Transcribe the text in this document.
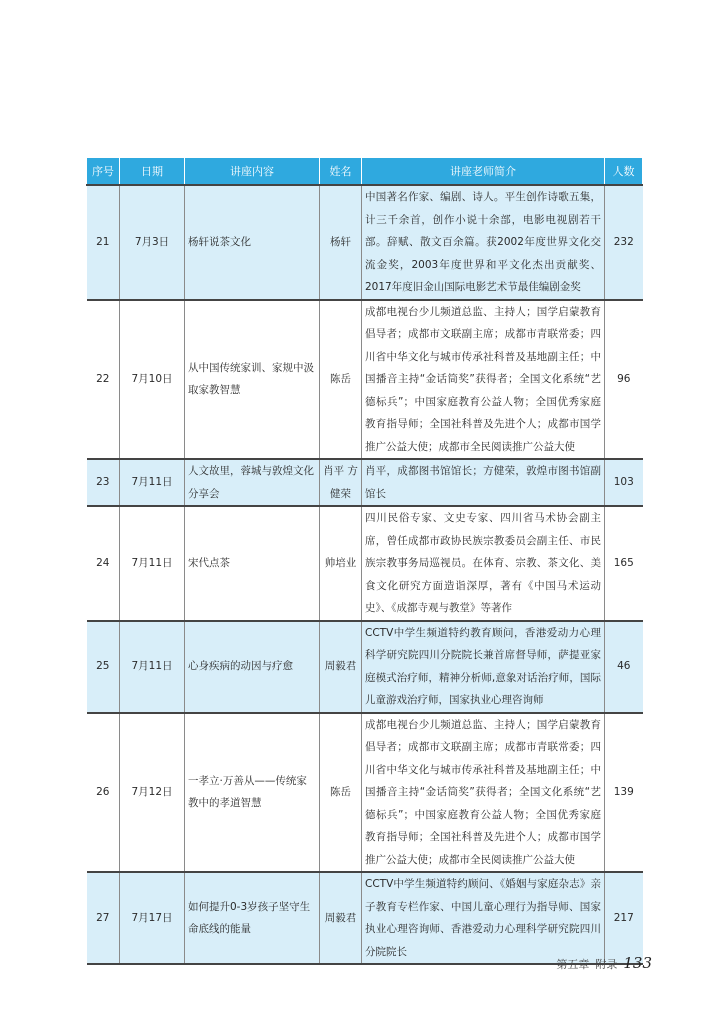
序号	日期	讲座内容	姓名	讲座老师简介	人数
21	7月3日	杨轩说茶文化	杨轩	中国著名作家、编剧、诗人。平生创作诗歌五集，计三千余首，创作小说十余部，电影电视剧若干部。辞赋、散文百余篇。获2002年度世界文化交流金奖，2003年度世界和平文化杰出贡献奖、2017年度旧金山国际电影艺术节最佳编剧金奖	232
22	7月10日	从中国传统家训、家规中汲取家教智慧	陈岳	成都电视台少儿频道总监、主持人；国学启蒙教育倡导者；成都市文联副主席；成都市青联常委；四川省中华文化与城市传承社科普及基地副主任；中国播音主持“金话筒奖”获得者；全国文化系统“艺德标兵”；中国家庭教育公益人物；全国优秀家庭教育指导师；全国社科普及先进个人；成都市国学推广公益大使；成都市全民阅读推广公益大使	96
23	7月11日	人文故里，蓉城与敦煌文化分享会	肖平 方健荣	肖平，成都图书馆馆长；方健荣，敦煌市图书馆副馆长	103
24	7月11日	宋代点茶	帅培业	四川民俗专家、文史专家、四川省马术协会副主席，曾任成都市政协民族宗教委员会副主任、市民族宗教事务局巡视员。在体育、宗教、茶文化、美食文化研究方面造诣深厚，著有《中国马术运动史》、《成都寺观与教堂》等著作	165
25	7月11日	心身疾病的动因与疗愈	周毅君	CCTV中学生频道特约教育顾问，香港爱动力心理科学研究院四川分院院长兼首席督导师，萨提亚家庭模式治疗师，精神分析师,意象对话治疗师，国际儿童游戏治疗师，国家执业心理咨询师	46
26	7月12日	一孝立·万善从——传统家教中的孝道智慧	陈岳	成都电视台少儿频道总监、主持人；国学启蒙教育倡导者；成都市文联副主席；成都市青联常委；四川省中华文化与城市传承社科普及基地副主任；中国播音主持“金话筒奖”获得者；全国文化系统“艺德标兵”；中国家庭教育公益人物；全国优秀家庭教育指导师；全国社科普及先进个人；成都市国学推广公益大使；成都市全民阅读推广公益大使	139
27	7月17日	如何提升0-3岁孩子坚守生命底线的能量	周毅君	CCTV中学生频道特约顾问、《婚姻与家庭杂志》亲子教育专栏作家、中国儿童心理行为指导师、国家执业心理咨询师、香港爱动力心理科学研究院四川分院院长	217
第五章 附录 133
